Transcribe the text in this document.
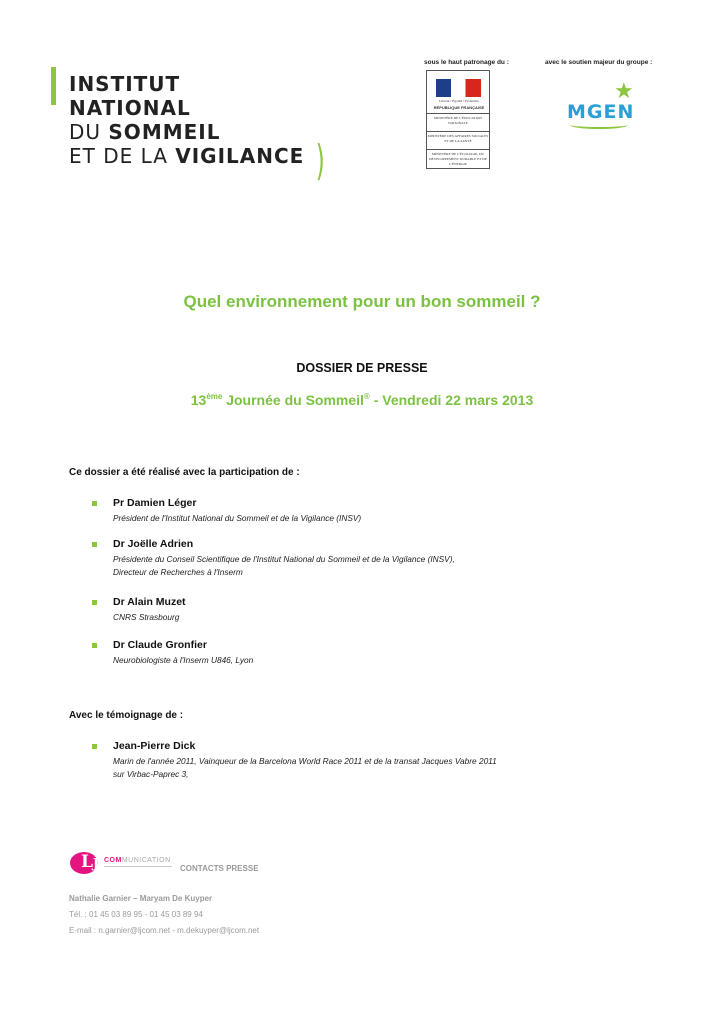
INSTITUT
NATIONAL
DU SOMMEIL
ET DE LA VIGILANCE )
sous le haut patronage du :
Liberté • Égalité • Fraternité
RÉPUBLIQUE FRANÇAISE
MINISTÈRE DE L'ÉDUCATION NATIONALE
MINISTÈRE DES AFFAIRES SOCIALES ET DE LA SANTÉ
MINISTÈRE DE L'ÉCOLOGIE, DU DÉVELOPPEMENT DURABLE ET DE L'ÉNERGIE
avec le soutien majeur du groupe :
★
MGEN
Quel environnement pour un bon sommeil ?
DOSSIER DE PRESSE
13ème Journée du Sommeil® - Vendredi 22 mars 2013
Ce dossier a été réalisé avec la participation de :
Pr Damien Léger
Président de l'Institut National du Sommeil et de la Vigilance (INSV)
Dr Joëlle Adrien
Présidente du Conseil Scientifique de l'Institut National du Sommeil et de la Vigilance (INSV),
Directeur de Recherches à l'Inserm
Dr Alain Muzet
CNRS Strasbourg
Dr Claude Gronfier
Neurobiologiste à l'Inserm U846, Lyon
Avec le témoignage de :
Jean-Pierre Dick
Marin de l'année 2011, Vainqueur de la Barcelona World Race 2011 et de la transat Jacques Vabre 2011
sur Virbac-Paprec 3,
Lj COMMUNICATION
CONTACTS PRESSE
Nathalie Garnier – Maryam De Kuyper
Tél. : 01 45 03 89 95 - 01 45 03 89 94
E-mail : n.garnier@ljcom.net - m.dekuyper@ljcom.net
